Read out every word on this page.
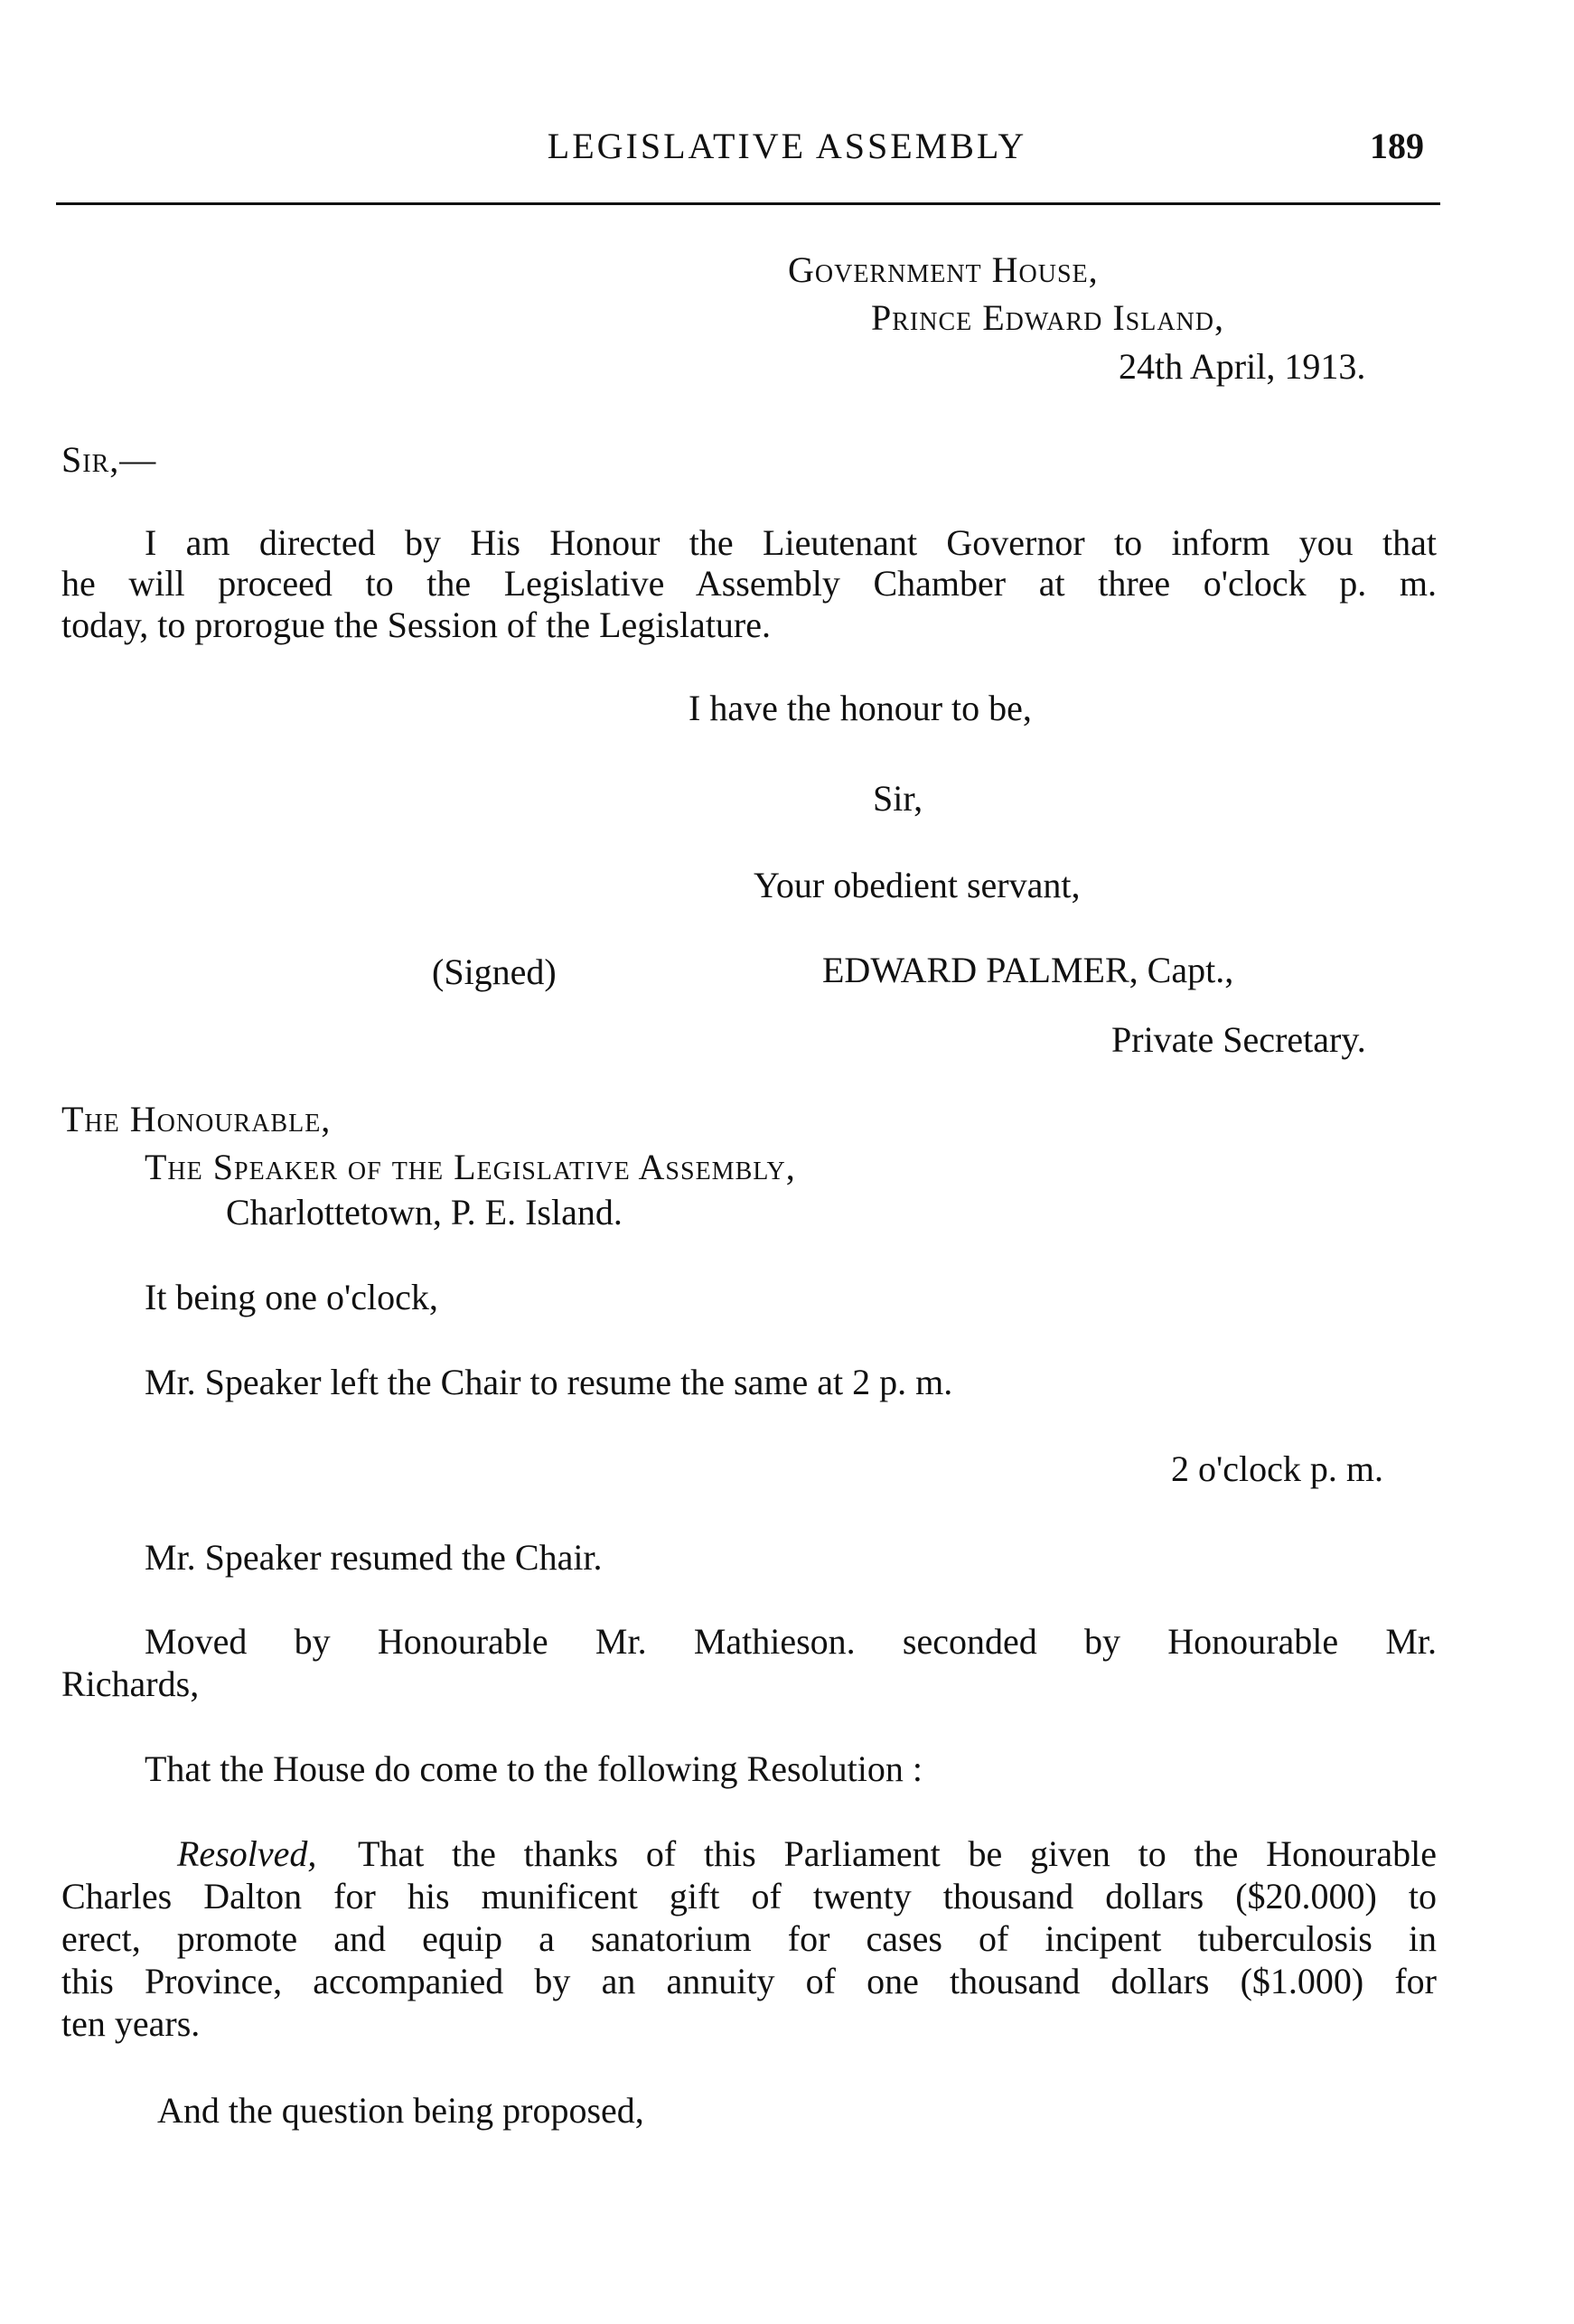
LEGISLATIVE ASSEMBLY	189
Government House,
Prince Edward Island,
24th April, 1913.
Sir,—
I am directed by His Honour the Lieutenant Governor to inform you that
he will proceed to the Legislative Assembly Chamber at three o'clock p. m.
today, to prorogue the Session of the Legislature.
I have the honour to be,
Sir,
Your obedient servant,
(Signed)	EDWARD PALMER, Capt.,
Private Secretary.
The Honourable,
The Speaker of the Legislative Assembly,
Charlottetown, P. E. Island.
It being one o'clock,
Mr. Speaker left the Chair to resume the same at 2 p. m.
2 o'clock p. m.
Mr. Speaker resumed the Chair.
Moved by Honourable Mr. Mathieson. seconded by Honourable Mr.
Richards,
That the House do come to the following Resolution :
Resolved, That the thanks of this Parliament be given to the Honourable
Charles Dalton for his munificent gift of twenty thousand dollars ($20.000) to
erect, promote and equip a sanatorium for cases of incipent tuberculosis in
this Province, accompanied by an annuity of one thousand dollars ($1.000) for
ten years.
And the question being proposed,
